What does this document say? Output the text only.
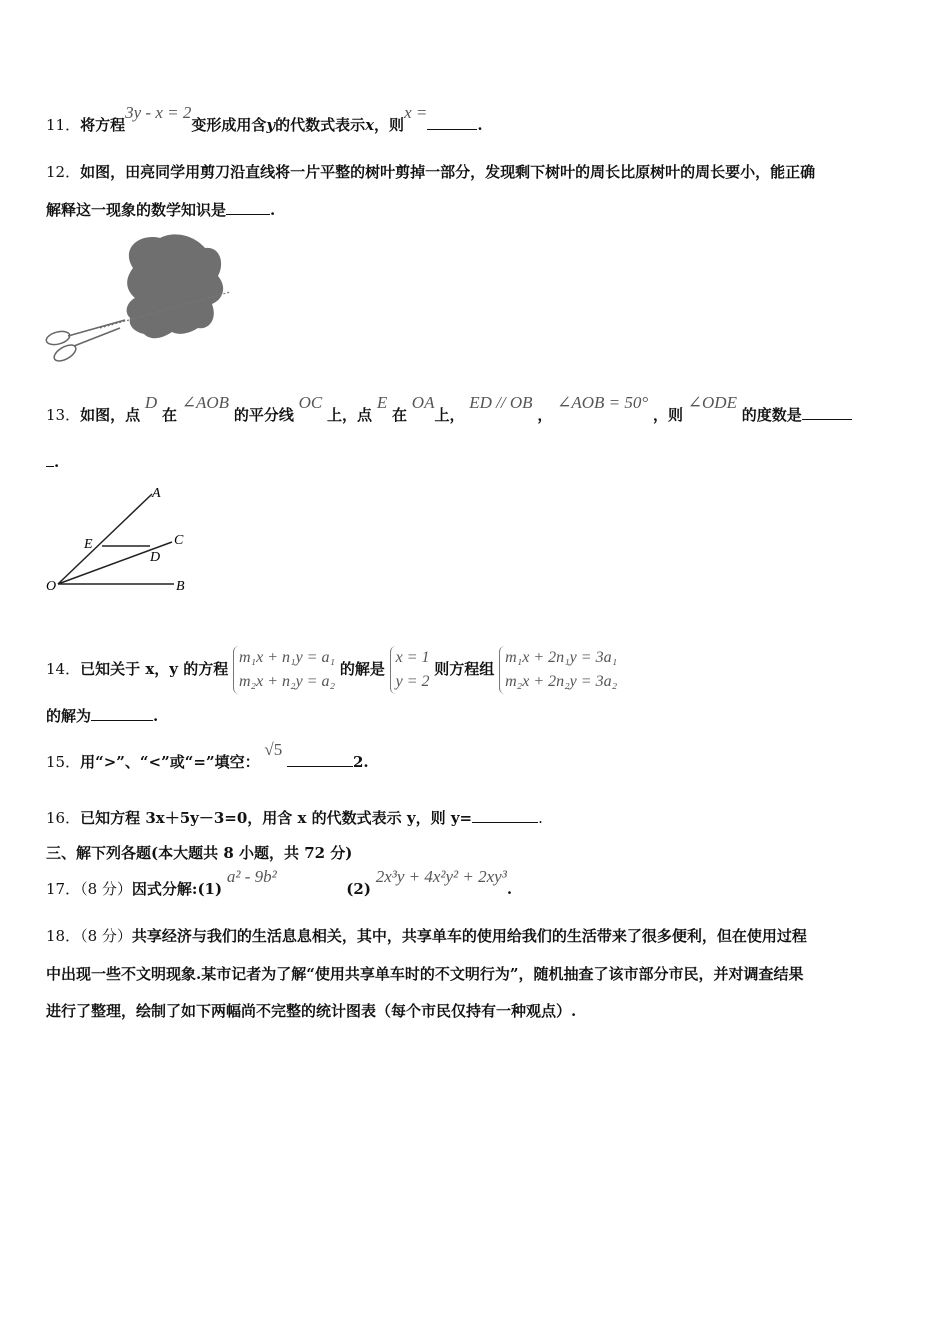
11．将方程3y - x = 2变形成用含y的代数式表示x，则x =.
12．如图，田亮同学用剪刀沿直线将一片平整的树叶剪掉一部分，发现剩下树叶的周长比原树叶的周长要小，能正确
解释这一现象的数学知识是	.
13．如图，点 D 在 ∠AOB 的平分线 OC 上，点 E 在 OA上， ED // OB ， ∠AOB = 50° ，则 ∠ODE 的度数是
.
A
C
E
D
O	B
14．已知关于 x，y 的方程 m₁x + n₁y = a₁
m₂x + n₂y = a₂ 的解是 x = 1
y = 2 则方程组 m₁x + 2n₁y = 3a₁
m₂x + 2n₂y = 3a₂
的解为	.
15．用“>”、“<”或“=”填空： √5 2.
16．已知方程 3x＋5y－3=0，用含 x 的代数式表示 y，则 y=	.
三、解下列各题(本大题共 8 小题，共 72 分)
17．（8 分）因式分解:(1) a² - 9b²  (2) 2x³y + 4x²y² + 2xy³.
18．（8 分）共享经济与我们的生活息息相关，其中，共享单车的使用给我们的生活带来了很多便利，但在使用过程
中出现一些不文明现象.某市记者为了解“使用共享单车时的不文明行为”，随机抽查了该市部分市民，并对调查结果
进行了整理，绘制了如下两幅尚不完整的统计图表（每个市民仅持有一种观点）.
